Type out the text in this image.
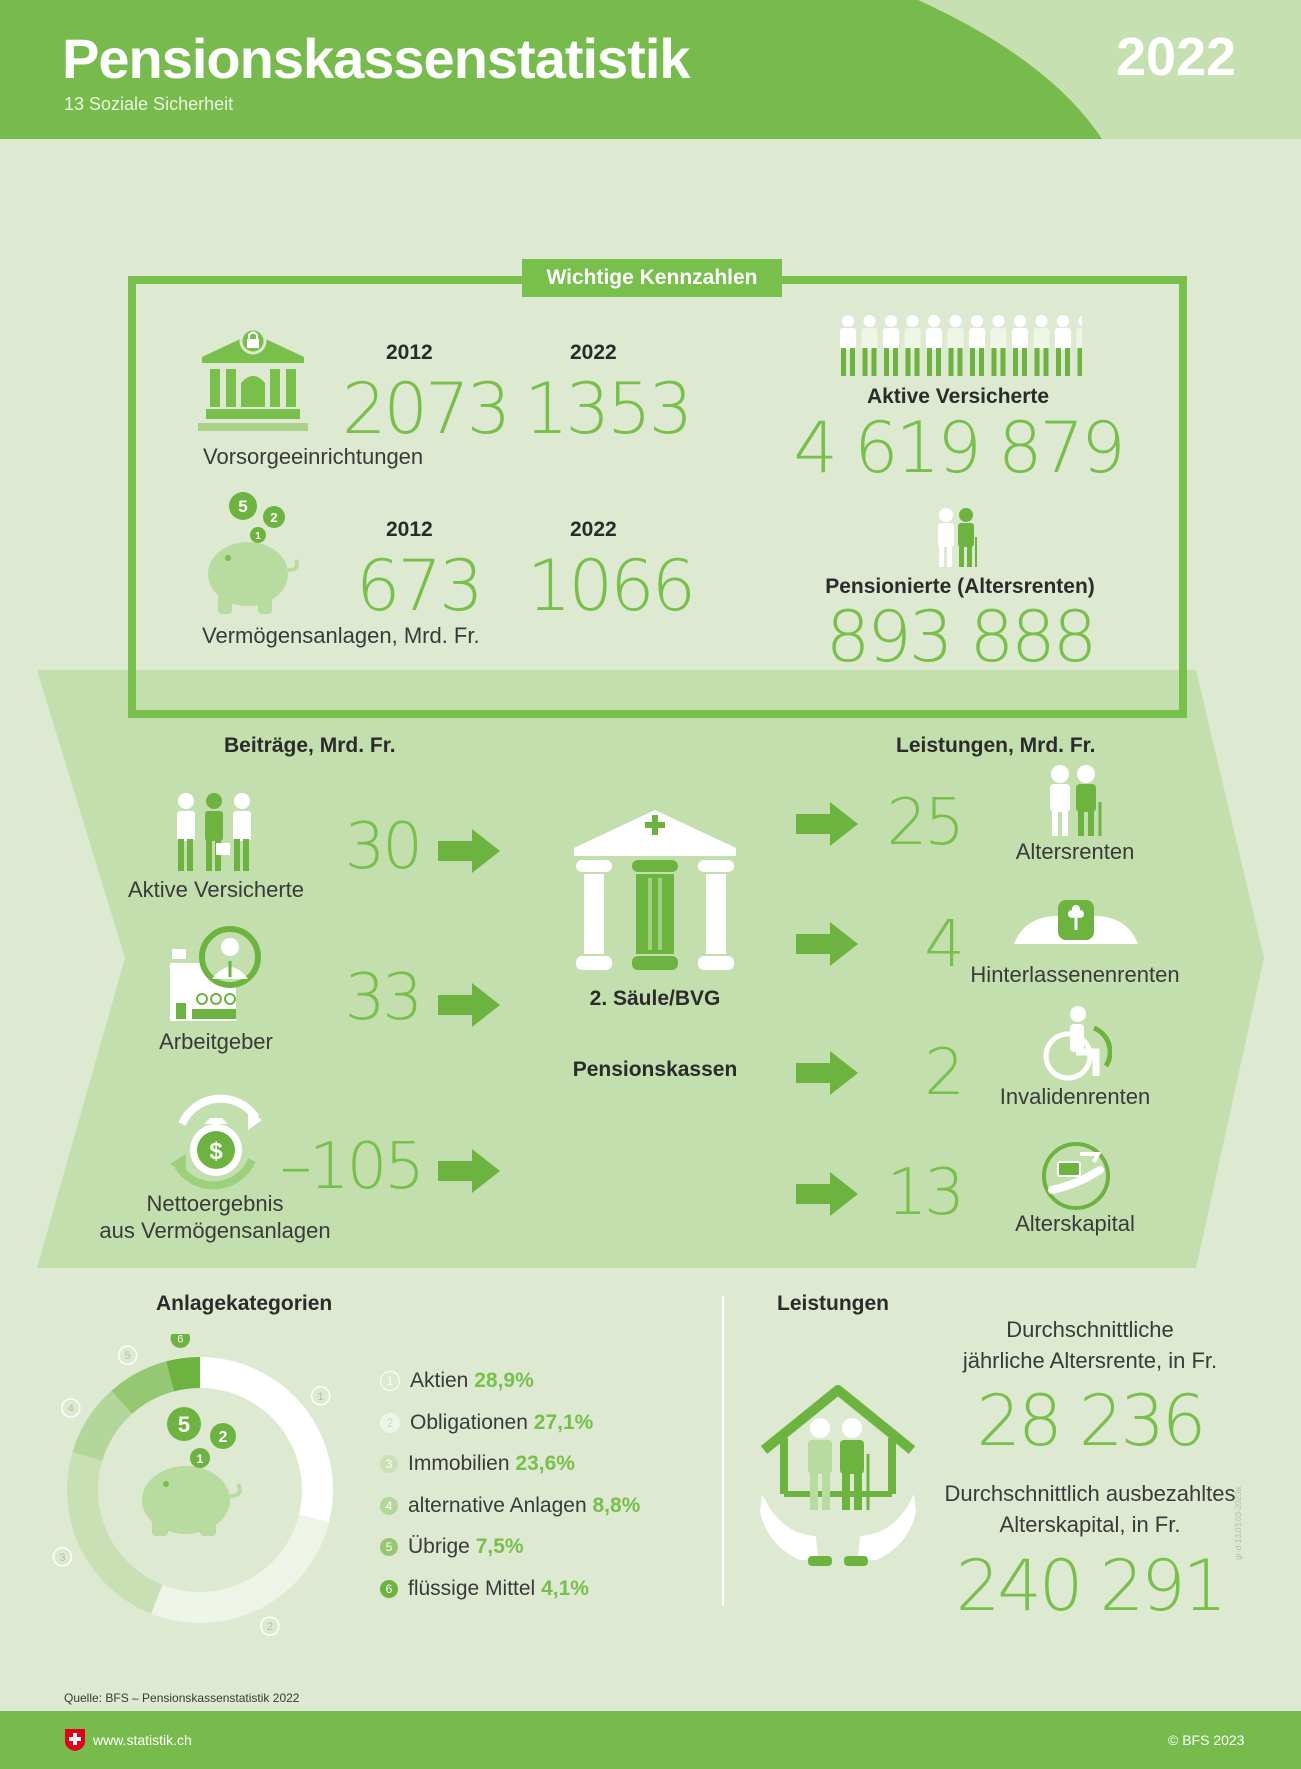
Pensionskassenstatistik
13 Soziale Sicherheit
2022
Wichtige Kennzahlen
2012	2022
2073 1353
Vorsorgeeinrichtungen
5
2
1	2012	2022
673 1066
Vermögensanlagen, Mrd. Fr.
Aktive Versicherte
4 619 879
Pensionierte (Altersrenten)
893 888
Beiträge, Mrd. Fr.	Leistungen, Mrd. Fr.
Aktive Versicherte
30
Arbeitgeber
33
$
Nettoergebnis
aus Vermögensanlagen
–105
2. Säule/BVG
Pensionskassen
25
4
2
13
Altersrenten
Hinterlassenenrenten
Invalidenrenten
Alterskapital
Anlagekategorien
1
2
3
4
5
6
5
2
1
1 Aktien 28,9%
2 Obligationen 27,1%
3 Immobilien 23,6%
4 alternative Anlagen 8,8%
5 Übrige 7,5%
6 flüssige Mittel 4,1%
Leistungen
Durchschnittliche
jährliche Altersrente, in Fr.
28 236
Durchschnittlich ausbezahltes
Alterskapital, in Fr.
240 291
gr-d-13.03.03-2023a
Quelle: BFS – Pensionskassenstatistik 2022
www.statistik.ch	© BFS 2023
